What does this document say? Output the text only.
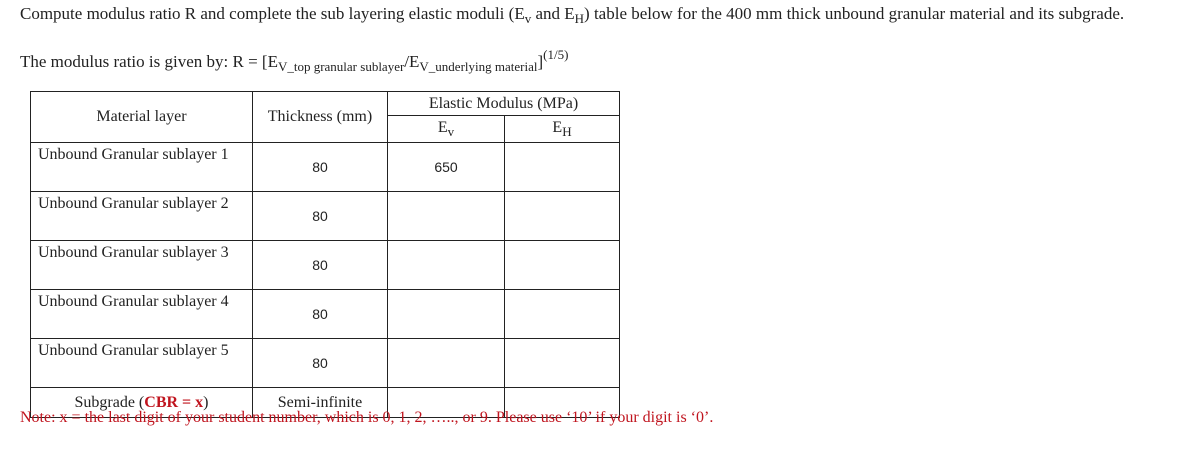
Compute modulus ratio R and complete the sub layering elastic moduli ($E_v$ and $E_H$) table below for the 400 mm thick unbound granular material and its subgrade.
The modulus ratio is given by: $R = [E_{V\_top granular sublayer}/E_{V\_underlying material}]^{(1/5)}$
Material layer	Thickness (mm)	Elastic Modulus (MPa)	
		$E_v$	$E_H$
Unbound Granular sublayer 1	80	650	
Unbound Granular sublayer 2	80		
Unbound Granular sublayer 3	80		
Unbound Granular sublayer 4	80		
Unbound Granular sublayer 5	80		
Subgrade (CBR = x)	Semi-infinite		
Note: x = the last digit of your student number, which is 0, 1, 2, ….., or 9. Please use ‘10’ if your digit is ‘0’.
